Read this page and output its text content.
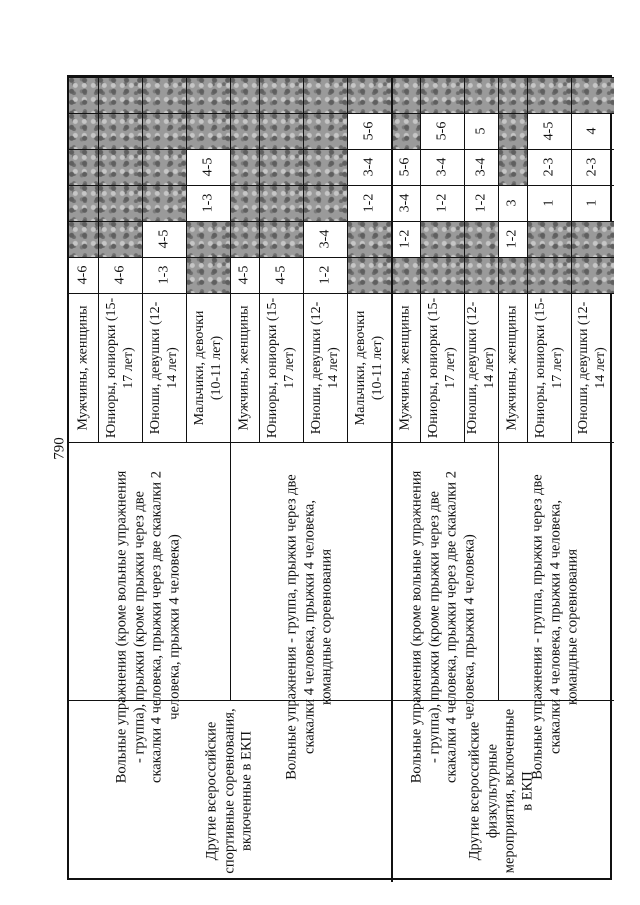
790
Мужчины, женщины
4-6
Юниоры, юниорки (15-17 лет)
4-6
Юноши, девушки (12-14 лет)
1-3
4-5
Мальчики, девочки (10-11 лет)
1-3
4-5
Вольные упражнения (кроме вольные упражнения - группа), прыжки (кроме прыжки через две скакалки 4 человека, прыжки через две скакалки 2 человека, прыжки 4 человека)
Мужчины, женщины
4-5
Юниоры, юниорки (15-17 лет)
4-5
Юноши, девушки (12-14 лет)
1-2
3-4
Мальчики, девочки (10-11 лет)
1-2
3-4
5-6
Вольные упражнения - группа, прыжки через две скакалки 4 человека, прыжки 4 человека, командные соревнования
Другие всероссийские спортивные соревнования, включенные в ЕКП
Мужчины, женщины
1-2
3-4
5-6
Юниоры, юниорки (15-17 лет)
1-2
3-4
5-6
Юноши, девушки (12-14 лет)
1-2
3-4
5
Вольные упражнения (кроме вольные упражнения - группа), прыжки (кроме прыжки через две скакалки 4 человека, прыжки через две скакалки 2 человека, прыжки 4 человека)
Мужчины, женщины
1-2
3
Юниоры, юниорки (15-17 лет)
1
2-3
4-5
Юноши, девушки (12-14 лет)
1
2-3
4
Вольные упражнения - группа, прыжки через две скакалки 4 человека, прыжки 4 человека, командные соревнования
Другие всероссийские физкультурные мероприятия, включенные в ЕКП
